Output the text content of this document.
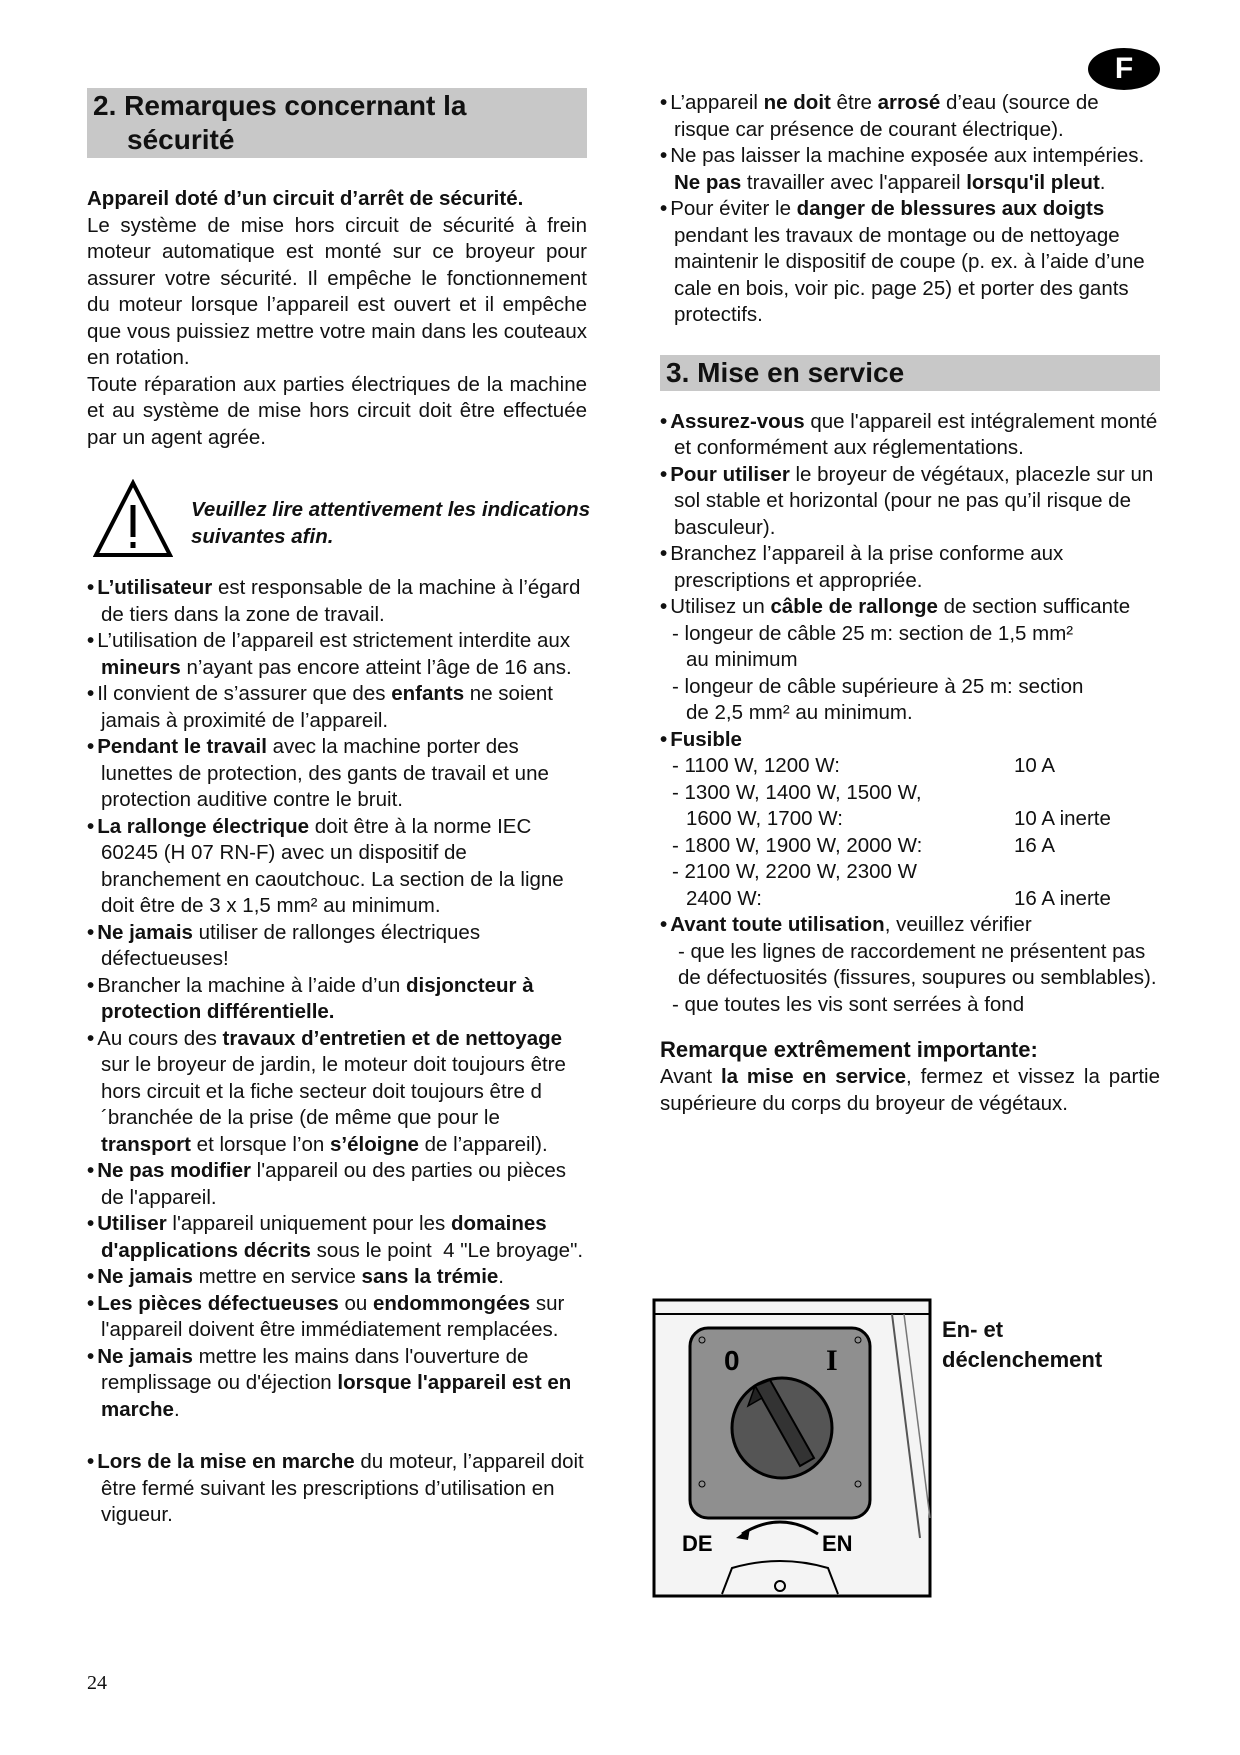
F
2. Remarques concernant la
sécurité

Appareil doté d’un circuit d’arrêt de sécurité.

Le système de mise hors circuit de sécurité à frein moteur automatique est monté sur ce broyeur pour assurer votre sécurité. Il empêche le fonctionnement du moteur lorsque l’appareil est ouvert et il empêche que vous puissiez mettre votre main dans les couteaux en rotation.

Toute réparation aux parties électriques de la machine et au système de mise hors circuit doit être effectuée par un agent agrée.

Veuillez lire attentivement les indications suivantes afin.
• L’utilisateur est responsable de la machine à l’égard de tiers dans la zone de travail.
• L’utilisation de l’appareil est strictement interdite aux mineurs n’ayant pas encore atteint l’âge de 16 ans.
• Il convient de s’assurer que des enfants ne soient jamais à proximité de l’appareil.
• Pendant le travail avec la machine porter des lunettes de protection, des gants de travail et une protection auditive contre le bruit.
• La rallonge électrique doit être à la norme IEC 60245 (H 07 RN-F) avec un dispositif de branchement en caoutchouc. La section de la ligne doit être de 3 x 1,5 mm² au minimum.
• Ne jamais utiliser de rallonges électriques défectueuses!
• Brancher la machine à l’aide d’un disjoncteur à protection différentielle.
• Au cours des travaux d’entretien et de nettoyage sur le broyeur de jardin, le moteur doit toujours être hors circuit et la fiche secteur doit toujours être d´branchée de la prise (de même que pour le transport et lorsque l’on s’éloigne de l’appareil).
• Ne pas modifier l'appareil ou des parties ou pièces de l'appareil.
• Utiliser l'appareil uniquement pour les domaines d'applications décrits sous le point  4 "Le broyage".
• Ne jamais mettre en service sans la trémie.
• Les pièces défectueuses ou endommongées sur l'appareil doivent être immédiatement remplacées.
• Ne jamais mettre les mains dans l'ouverture de remplissage ou d'éjection lorsque l'appareil est en marche.
• Lors de la mise en marche du moteur, l’appareil doit être fermé suivant les prescriptions d’utilisation en vigueur.
• L’appareil ne doit être arrosé d’eau (source de risque car présence de courant électrique).
• Ne pas laisser la machine exposée aux intempéries. Ne pas travailler avec l'appareil lorsqu'il pleut.
• Pour éviter le danger de blessures aux doigts pendant les travaux de montage ou de nettoyage maintenir le dispositif de coupe (p. ex. à l’aide d’une cale en bois, voir pic. page 25) et porter des gants protectifs.
3. Mise en service
• Assurez-vous que l'appareil est intégralement monté et conformément aux réglementations.
• Pour utiliser le broyeur de végétaux, placezle sur un sol stable et horizontal (pour ne pas qu’il risque de basculeur).
• Branchez l’appareil à la prise conforme aux prescriptions et appropriée.
• Utilisez un câble de rallonge de section sufficante
- longeur de câble 25 m: section de 1,5 mm²
au minimum
- longeur de câble supérieure à 25 m: section
de 2,5 mm² au minimum.
• Fusible
- 1100 W, 1200 W:	10 A
- 1300 W, 1400 W, 1500 W,
1600 W, 1700 W:	10 A inerte
- 1800 W, 1900 W, 2000 W:	16 A
- 2100 W, 2200 W, 2300 W
2400 W:	16 A inerte
• Avant toute utilisation, veuillez vérifier
- que les lignes de raccordement ne présentent pas de défectuosités (fissures, soupures ou semblables).
- que toutes les vis sont serrées à fond
Remarque extrêmement importante:

Avant la mise en service, fermez et vissez la partie supérieure du corps du broyeur de végétaux.

0	I
DE	EN
En- et déclenchement
24
